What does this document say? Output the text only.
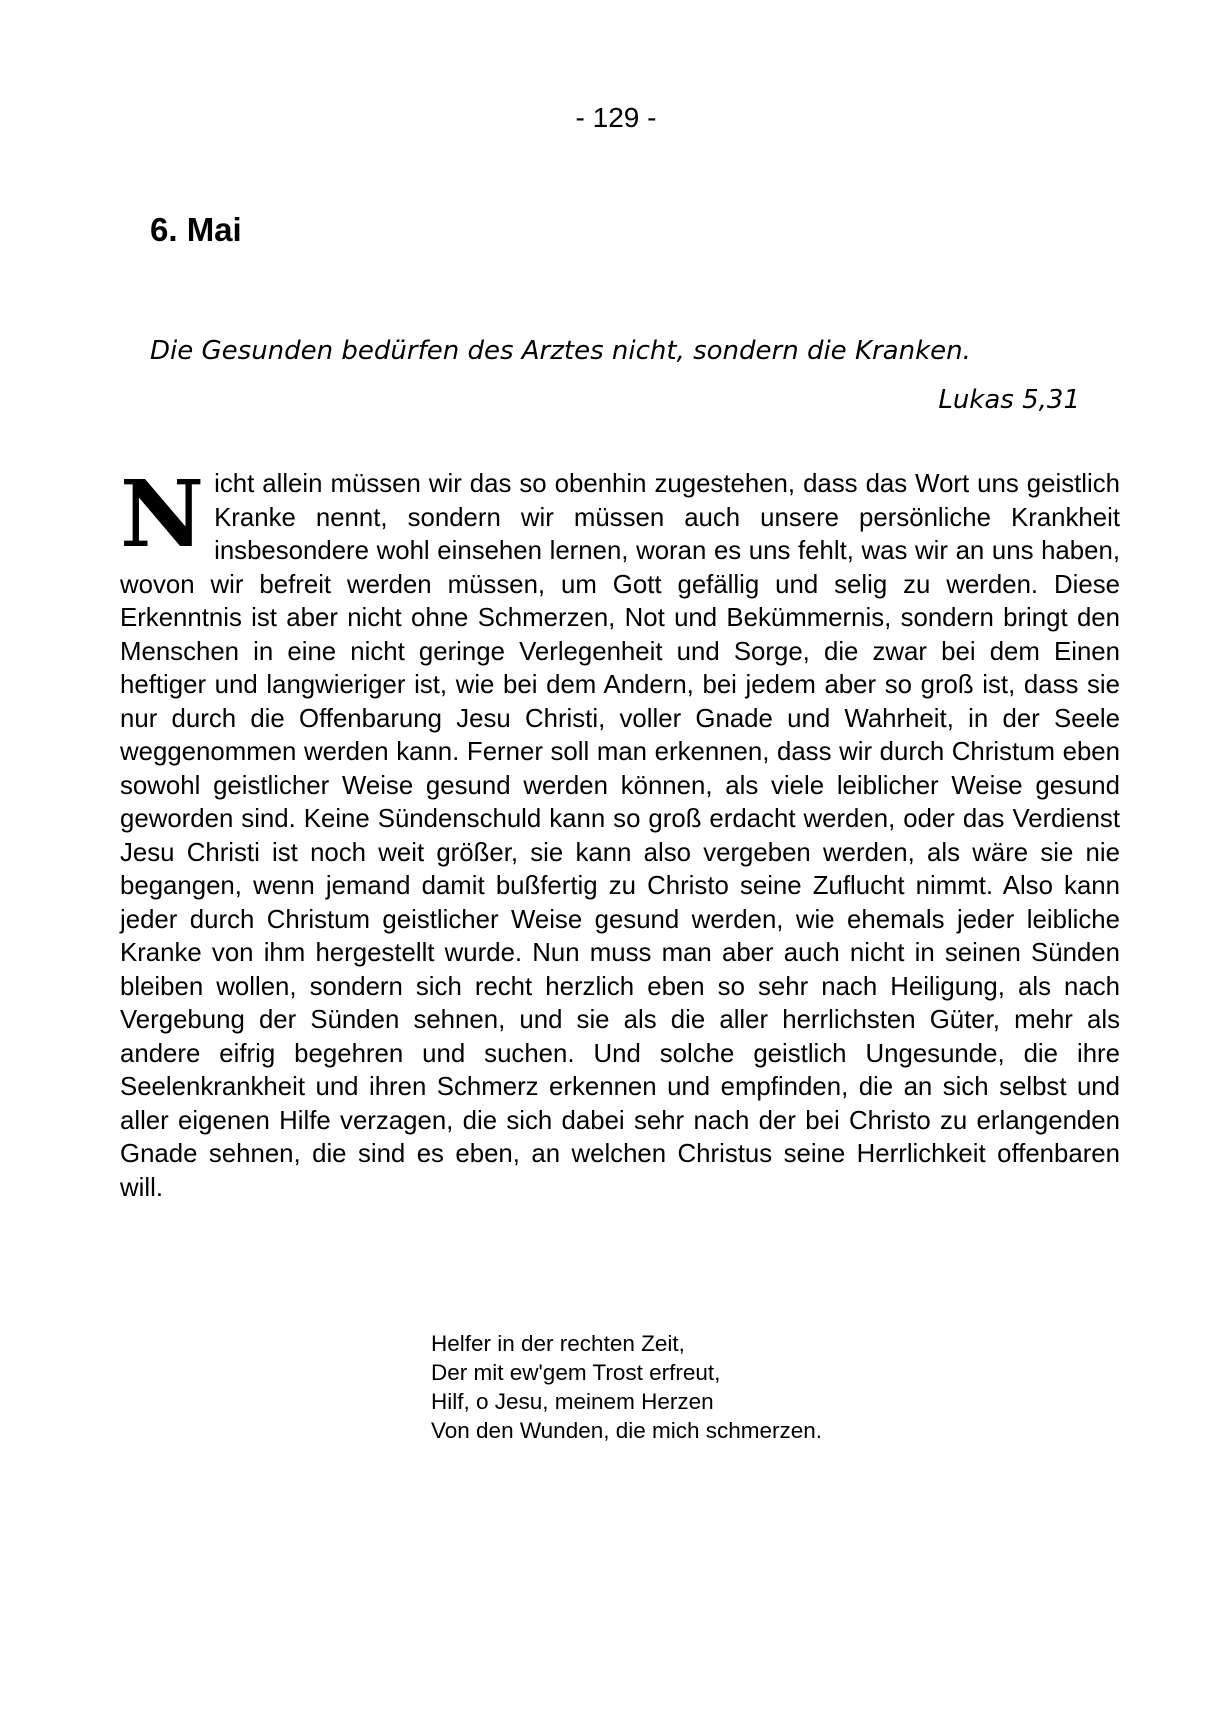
- 129 -
6. Mai
Die Gesunden bedürfen des Arztes nicht, sondern die Kranken.
Lukas 5,31

Nicht allein müssen wir das so obenhin zugestehen, dass das Wort uns geistlich Kranke nennt, sondern wir müssen auch unsere persönliche Krankheit insbesondere wohl einsehen lernen, woran es uns fehlt, was wir an uns haben, wovon wir befreit werden müssen, um Gott gefällig und selig zu werden. Diese Erkenntnis ist aber nicht ohne Schmerzen, Not und Bekümmernis, sondern bringt den Menschen in eine nicht geringe Verlegenheit und Sorge, die zwar bei dem Einen heftiger und langwieriger ist, wie bei dem Andern, bei jedem aber so groß ist, dass sie nur durch die Offenbarung Jesu Christi, voller Gnade und Wahrheit, in der Seele weggenommen werden kann. Ferner soll man erkennen, dass wir durch Christum eben sowohl geistlicher Weise gesund werden können, als viele leiblicher Weise gesund geworden sind. Keine Sündenschuld kann so groß erdacht werden, oder das Verdienst Jesu Christi ist noch weit größer, sie kann also vergeben werden, als wäre sie nie begangen, wenn jemand damit bußfertig zu Christo seine Zuflucht nimmt. Also kann jeder durch Christum geistlicher Weise gesund werden, wie ehemals jeder leibliche Kranke von ihm hergestellt wurde. Nun muss man aber auch nicht in seinen Sünden bleiben wollen, sondern sich recht herzlich eben so sehr nach Heiligung, als nach Vergebung der Sünden sehnen, und sie als die aller herrlichsten Güter, mehr als andere eifrig begehren und suchen. Und solche geistlich Ungesunde, die ihre Seelenkrankheit und ihren Schmerz erkennen und empfinden, die an sich selbst und aller eigenen Hilfe verzagen, die sich dabei sehr nach der bei Christo zu erlangenden Gnade sehnen, die sind es eben, an welchen Christus seine Herrlichkeit offenbaren will.

Helfer in der rechten Zeit,
Der mit ew'gem Trost erfreut,
Hilf, o Jesu, meinem Herzen
Von den Wunden, die mich schmerzen.
